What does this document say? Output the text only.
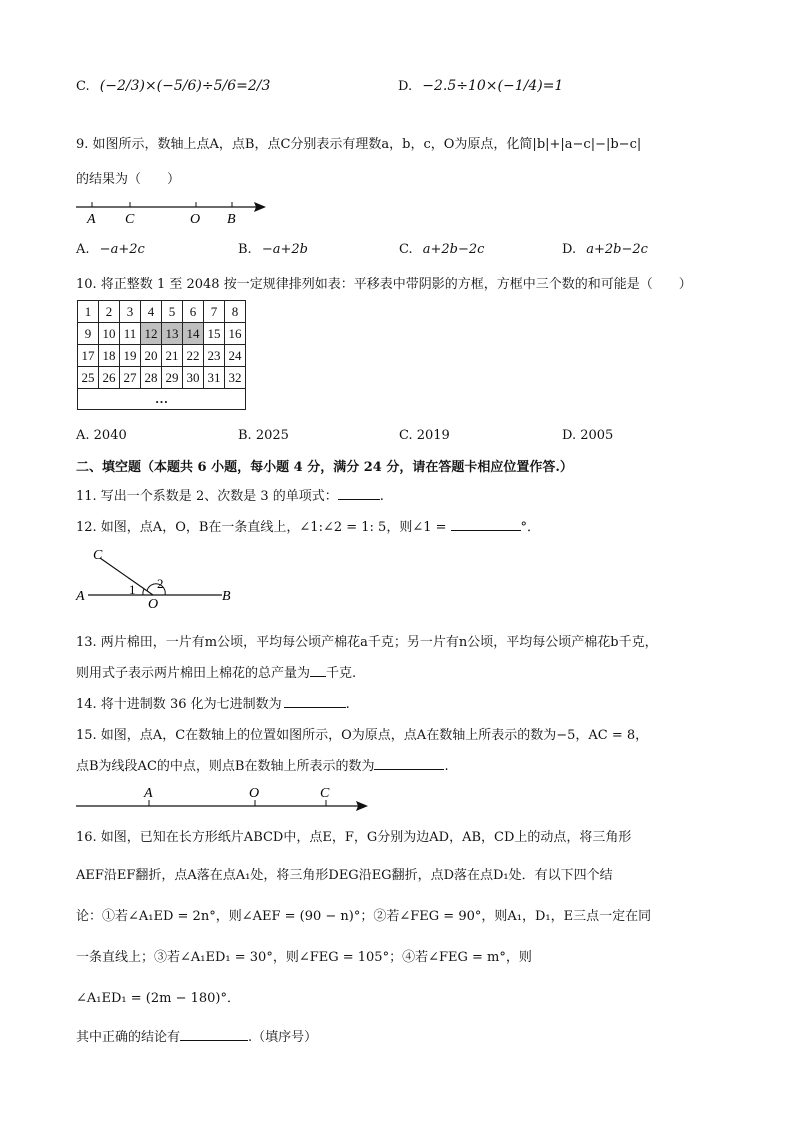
C. (−2/3)×(−5/6)÷5/6=2/3	D. −2.5÷10×(−1/4)=1
9. 如图所示，数轴上点A，点B，点C分别表示有理数a，b，c，O为原点，化简|b|+|a−c|−|b−c|
的结果为（　　）
A C	O B
A. −a+2c	B. −a+2b	C. a+2b−2c	D. a+2b−2c
10. 将正整数 1 至 2048 按一定规律排列如表：平移表中带阴影的方框，方框中三个数的和可能是（　　）
1	2	3	4	5	6	7	8
9	10	11	12	13	14	15	16
17	18	19	20	21	22	23	24
25	26	27	28	29	30	31	32
…							
A. 2040	B. 2025	C. 2019	D. 2005
二、填空题（本题共 6 小题，每小题 4 分，满分 24 分，请在答题卡相应位置作答.）
11. 写出一个系数是 2、次数是 3 的单项式：	.
12. 如图，点A，O，B在一条直线上，∠1:∠2 = 1: 5，则∠1 =	°．
C
A
O
B
1 2
13. 两片棉田，一片有m公顷，平均每公顷产棉花a千克；另一片有n公顷，平均每公顷产棉花b千克，
则用式子表示两片棉田上棉花的总产量为 千克.
14. 将十进制数 36 化为七进制数为	.
15. 如图，点A，C在数轴上的位置如图所示，O为原点，点A在数轴上所表示的数为−5，AC = 8，
点B为线段AC的中点，则点B在数轴上所表示的数为	.
A	O	C
16. 如图，已知在长方形纸片ABCD中，点E，F，G分别为边AD，AB，CD上的动点，将三角形
AEF沿EF翻折，点A落在点A₁处，将三角形DEG沿EG翻折，点D落在点D₁处．有以下四个结
论：①若∠A₁ED = 2n°，则∠AEF = (90 − n)°；②若∠FEG = 90°，则A₁，D₁，E三点一定在同
一条直线上；③若∠A₁ED₁ = 30°，则∠FEG = 105°；④若∠FEG = m°，则
∠A₁ED₁ = (2m − 180)°．
其中正确的结论有	.（填序号）
